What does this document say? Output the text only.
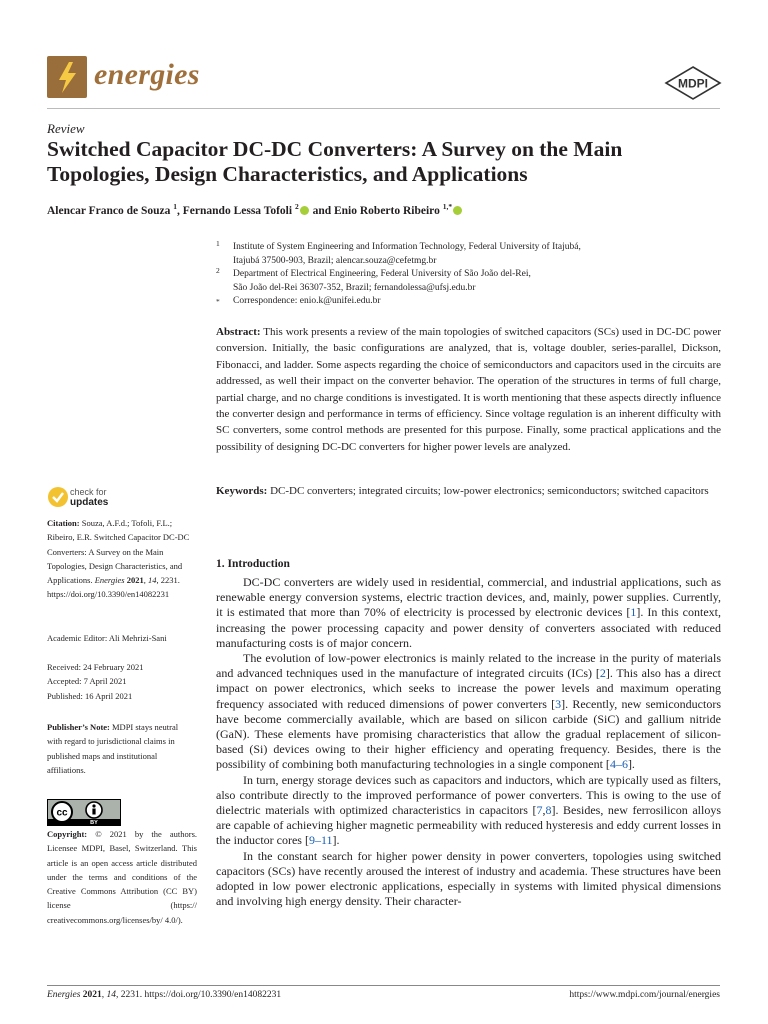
energies	MDPI
Review
Switched Capacitor DC-DC Converters: A Survey on the Main Topologies, Design Characteristics, and Applications
Alencar Franco de Souza $^1$, Fernando Lessa Tofoli $^2$ and Enio Roberto Ribeiro $^{1,*}$
1 Institute of System Engineering and Information Technology, Federal University of Itajubá,
Itajubá 37500-903, Brazil; alencar.souza@cefetmg.br
2 Department of Electrical Engineering, Federal University of São João del-Rei,
São João del-Rei 36307-352, Brazil; fernandolessa@ufsj.edu.br
* Correspondence: enio.k@unifei.edu.br
Abstract: This work presents a review of the main topologies of switched capacitors (SCs) used in DC-DC power conversion. Initially, the basic configurations are analyzed, that is, voltage doubler, series-parallel, Dickson, Fibonacci, and ladder. Some aspects regarding the choice of semiconductors and capacitors used in the circuits are addressed, as well their impact on the converter behavior. The operation of the structures in terms of full charge, partial charge, and no charge conditions is investigated. It is worth mentioning that these aspects directly influence the converter design and performance in terms of efficiency. Since voltage regulation is an inherent difficulty with SC converters, some control methods are presented for this purpose. Finally, some practical applications and the possibility of designing DC-DC converters for higher power levels are analyzed.
Keywords: DC-DC converters; integrated circuits; low-power electronics; semiconductors; switched capacitors
check for
updates
Citation: Souza, A.F.d.; Tofoli, F.L.; Ribeiro, E.R. Switched Capacitor DC-DC Converters: A Survey on the Main Topologies, Design Characteristics, and Applications. Energies 2021, 14, 2231. https://doi.org/10.3390/en14082231
Academic Editor: Ali Mehrizi-Sani
Received: 24 February 2021
Accepted: 7 April 2021
Published: 16 April 2021
Publisher’s Note: MDPI stays neutral with regard to jurisdictional claims in published maps and institutional affiliations.
cc
BY
Copyright: © 2021 by the authors. Licensee MDPI, Basel, Switzerland. This article is an open access article distributed under the terms and conditions of the Creative Commons Attribution (CC BY) license (https:// creativecommons.org/licenses/by/ 4.0/).
1. Introduction

DC-DC converters are widely used in residential, commercial, and industrial applications, such as renewable energy conversion systems, electric traction devices, and, mainly, power supplies. Currently, it is estimated that more than 70% of electricity is processed by electronic devices [1]. In this context, increasing the power processing capacity and power density of converters associated with reduced manufacturing costs is of major concern.

The evolution of low-power electronics is mainly related to the increase in the purity of materials and advanced techniques used in the manufacture of integrated circuits (ICs) [2]. This also has a direct impact on power electronics, which seeks to increase the power levels and maximum operating frequency associated with reduced dimensions of power converters [3]. Recently, new semiconductors have become commercially available, which are based on silicon carbide (SiC) and gallium nitride (GaN). These elements have promising characteristics that allow the gradual replacement of silicon-based (Si) devices owing to their higher efficiency and operating frequency. Besides, there is the possibility of combining both manufacturing technologies in a single component [4–6].

In turn, energy storage devices such as capacitors and inductors, which are typically used as filters, also contribute directly to the improved performance of power converters. This is owing to the use of dielectric materials with optimized characteristics in capacitors [7,8]. Besides, new ferrosilicon alloys are capable of achieving higher magnetic permeability with reduced hysteresis and eddy current losses in the inductor cores [9–11].

In the constant search for higher power density in power converters, topologies using switched capacitors (SCs) have recently aroused the interest of industry and academia. These structures have been adopted in low power electronic applications, especially in systems with limited physical dimensions and involving high energy density. Their character-

Energies 2021, 14, 2231. https://doi.org/10.3390/en14082231	https://www.mdpi.com/journal/energies
